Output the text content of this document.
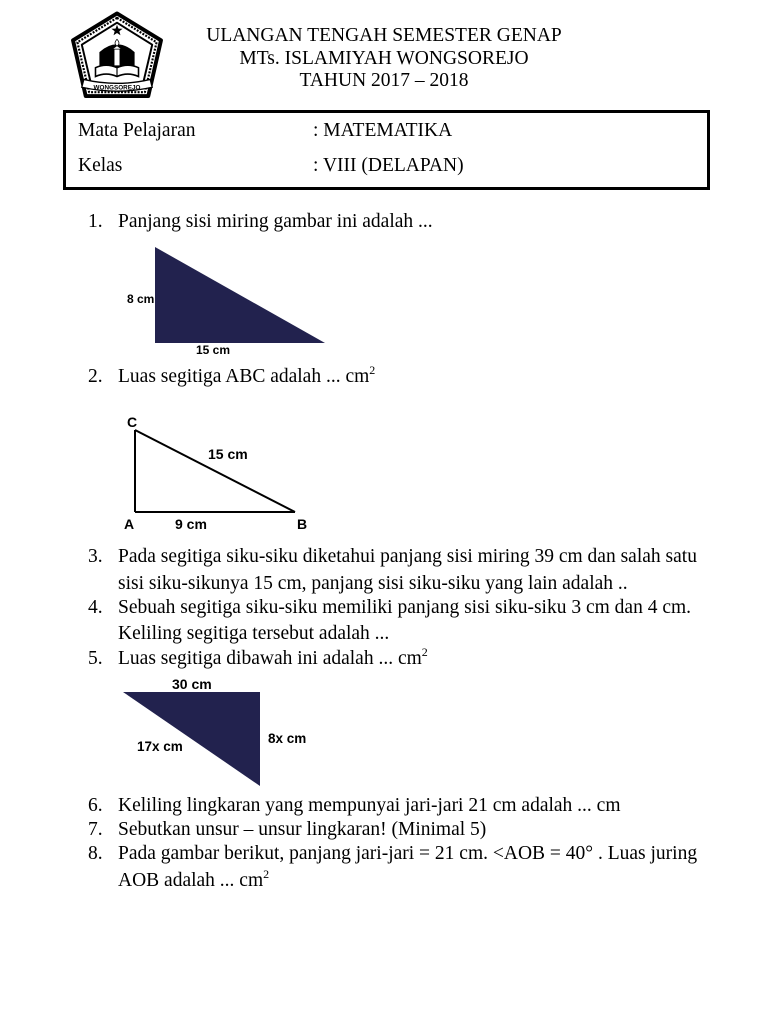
WONGSOREJO
ULANGAN TENGAH SEMESTER GENAP
MTs. ISLAMIYAH WONGSOREJO
TAHUN 2017 – 2018
Mata Pelajaran	: MATEMATIKA
Kelas	: VIII (DELAPAN)
1. Panjang sisi miring gambar ini adalah ...
8 cm
15 cm
2. Luas segitiga ABC adalah ... $cm^2$
C
15 cm
A	9 cm	B
3. Pada segitiga siku-siku diketahui panjang sisi miring 39 cm dan salah satu
sisi siku-sikunya 15 cm, panjang sisi siku-siku yang lain adalah ..
4. Sebuah segitiga siku-siku memiliki panjang sisi siku-siku 3 cm dan 4 cm.
Keliling segitiga tersebut adalah ...
5. Luas segitiga dibawah ini adalah ... $cm^2$
30 cm
8x cm
17x cm
6. Keliling lingkaran yang mempunyai jari-jari 21 cm adalah ... cm
7. Sebutkan unsur – unsur lingkaran! (Minimal 5)
8. Pada gambar berikut, panjang jari-jari = 21 cm. <AOB = 40° . Luas juring
AOB adalah ... $cm^2$
